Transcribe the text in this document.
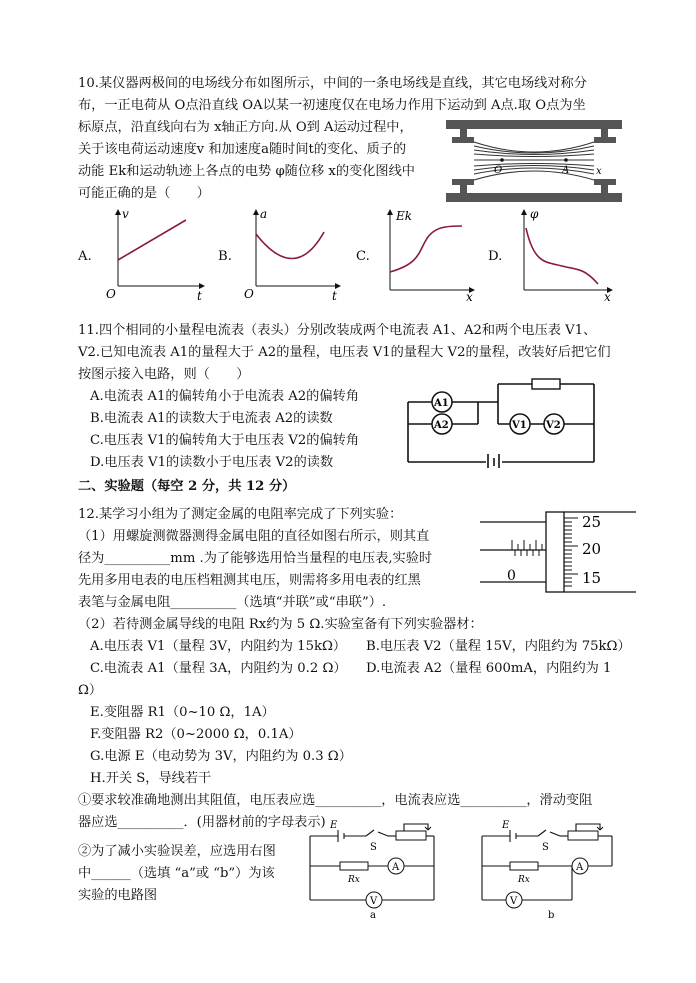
10.某仪器两极间的电场线分布如图所示，中间的一条电场线是直线，其它电场线对称分
布，一正电荷从 O点沿直线 OA以某一初速度仅在电场力作用下运动到 A点.取 O点为坐
标原点，沿直线向右为 x轴正方向.从 O到 A运动过程中，
关于该电荷运动速度v 和加速度a随时间t的变化、质子的
动能 Ek和运动轨迹上各点的电势 φ随位移 x的变化图线中
可能正确的是（　　）
O	A	x
A.
v
t
O
B.
a
t
O
C.
Ek
x
D.
φ
x
11.四个相同的小量程电流表（表头）分别改装成两个电流表 A1、A2和两个电压表 V1、
V2.已知电流表 A1的量程大于 A2的量程，电压表 V1的量程大 V2的量程，改装好后把它们
按图示接入电路，则（　　）
A.电流表 A1的偏转角小于电流表 A2的偏转角
B.电流表 A1的读数大于电流表 A2的读数
C.电压表 V1的偏转角大于电压表 V2的偏转角
D.电压表 V1的读数小于电压表 V2的读数
A1
A2	V1 V2
二、实验题（每空 2 分，共 12 分）
12.某学习小组为了测定金属的电阻率完成了下列实验：
（1）用螺旋测微器测得金属电阻的直径如图右所示，则其直
径为__________mm .为了能够选用恰当量程的电压表,实验时
先用多用电表的电压档粗测其电压，则需将多用电表的红黑
表笔与金属电阻__________（选填“并联”或“串联”）.
25
20
15
0
（2）若待测金属导线的电阻 Rx约为 5 Ω.实验室备有下列实验器材：
A.电压表 V1（量程 3V，内阻约为 15kΩ） B.电压表 V2（量程 15V，内阻约为 75kΩ）
C.电流表 A1（量程 3A，内阻约为 0.2 Ω） D.电流表 A2（量程 600mA，内阻约为 1
Ω）
E.变阻器 R1（0~10 Ω，1A）
F.变阻器 R2（0~2000 Ω，0.1A）
G.电源 E（电动势为 3V，内阻约为 0.3 Ω）
H.开关 S，导线若干
①要求较准确地测出其阻值，电压表应选__________，电流表应选__________，滑动变阻
器应选__________．(用器材前的字母表示)
②为了减小实验误差，应选用右图
中______（选填 “a”或 “b”）为该
实验的电路图
E
S
Rx
A
V
a
E
S
Rx
A
V
b
